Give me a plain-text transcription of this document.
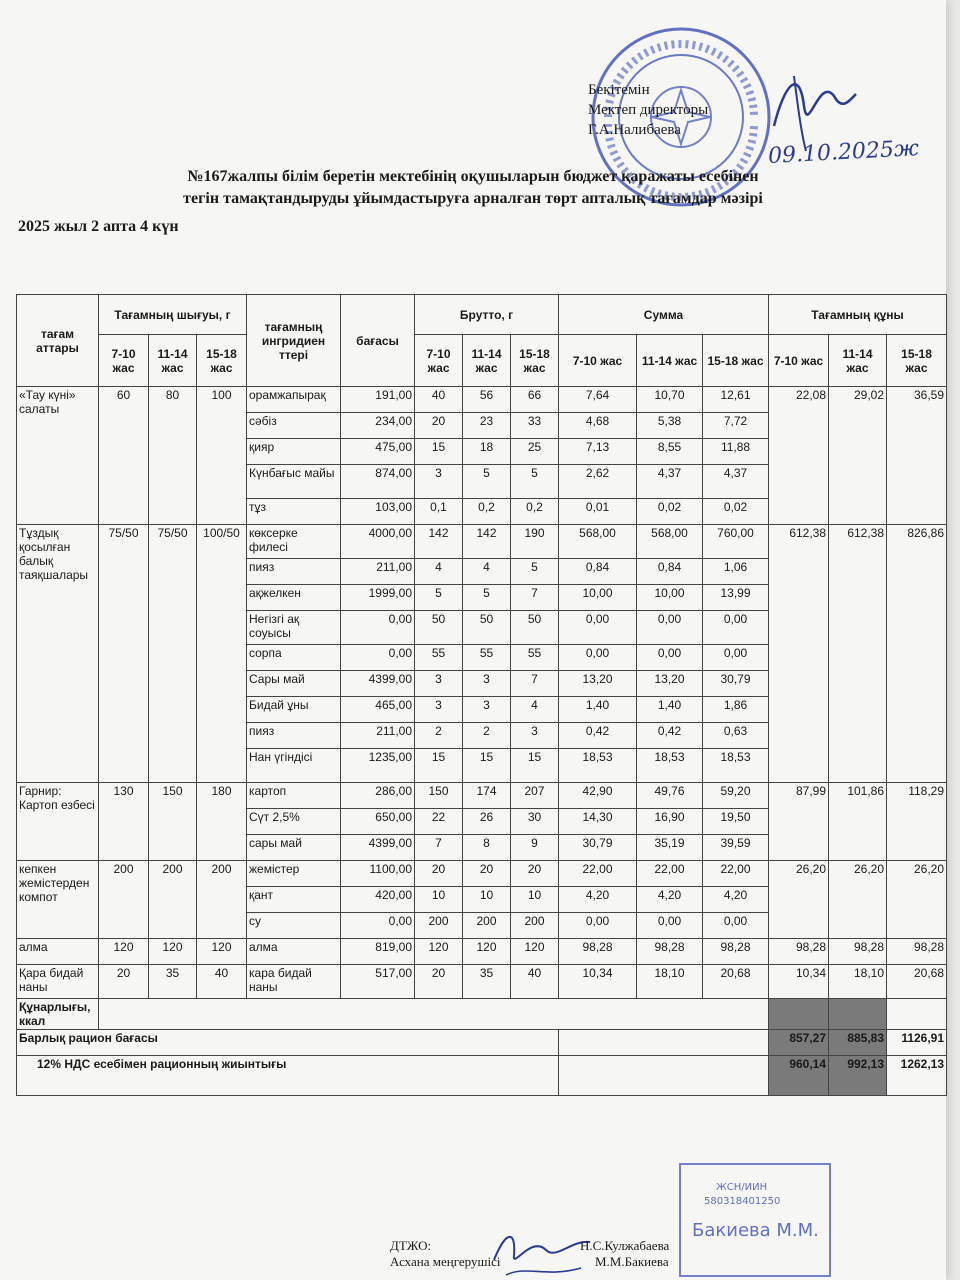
Бекітемін
Мектеп директоры
Г.А.Налибаева
09.10.2025ж
№167жалпы білім беретін мектебінің оқушыларын бюджет қаражаты есебінен
тегін тамақтандыруды ұйымдастыруға арналған төрт апталық тағамдар мәзірі
2025 жыл 2 апта 4 күн
тағам аттары	Тағамның шығуы, г			тағамның ингридиен ттері	бағасы	Брутто, г			Сумма			Тағамның құны		
	7-10 жас	11-14 жас	15-18 жас			7-10 жас	11-14 жас	15-18 жас	7-10 жас	11-14 жас	15-18 жас	7-10 жас	11-14 жас	15-18 жас
«Тау күні» салаты	60	80	100	орамжапырақ	191,00	40	56	66	7,64	10,70	12,61	22,08	29,02	36,59
				сәбіз	234,00	20	23	33	4,68	5,38	7,72			
				қияр	475,00	15	18	25	7,13	8,55	11,88			
				Күнбағыс майы	874,00	3	5	5	2,62	4,37	4,37			
				тұз	103,00	0,1	0,2	0,2	0,01	0,02	0,02			
Тұздық қосылған балық таяқшалары	75/50	75/50	100/50	көксерке филесі	4000,00	142	142	190	568,00	568,00	760,00	612,38	612,38	826,86
				пияз	211,00	4	4	5	0,84	0,84	1,06			
				ақжелкен	1999,00	5	5	7	10,00	10,00	13,99			
				Негізгі ақ соуысы	0,00	50	50	50	0,00	0,00	0,00			
				сорпа	0,00	55	55	55	0,00	0,00	0,00			
				Сары май	4399,00	3	3	7	13,20	13,20	30,79			
				Бидай ұны	465,00	3	3	4	1,40	1,40	1,86			
				пияз	211,00	2	2	3	0,42	0,42	0,63			
				Нан үгіндісі	1235,00	15	15	15	18,53	18,53	18,53			
Гарнир: Картоп езбесі	130	150	180	картоп	286,00	150	174	207	42,90	49,76	59,20	87,99	101,86	118,29
				Сүт 2,5%	650,00	22	26	30	14,30	16,90	19,50			
				сары май	4399,00	7	8	9	30,79	35,19	39,59			
кепкен жемістерден компот	200	200	200	жемістер	1100,00	20	20	20	22,00	22,00	22,00	26,20	26,20	26,20
				қант	420,00	10	10	10	4,20	4,20	4,20			
				су	0,00	200	200	200	0,00	0,00	0,00			
алма	120	120	120	алма	819,00	120	120	120	98,28	98,28	98,28	98,28	98,28	98,28
Қара бидай наны	20	35	40	кара бидай наны	517,00	20	35	40	10,34	18,10	20,68	10,34	18,10	20,68
Құнарлығы, ккал														
Барлық рацион бағасы												857,27	885,83	1126,91
12% НДС есебімен рационның жиынтығы												960,14	992,13	1262,13
ЖСН/ИИН
580318401250
Бакиева М.М.
ДТЖО:
Асхана меңгерушісі
Н.С.Кулжабаева
М.М.Бакиева
